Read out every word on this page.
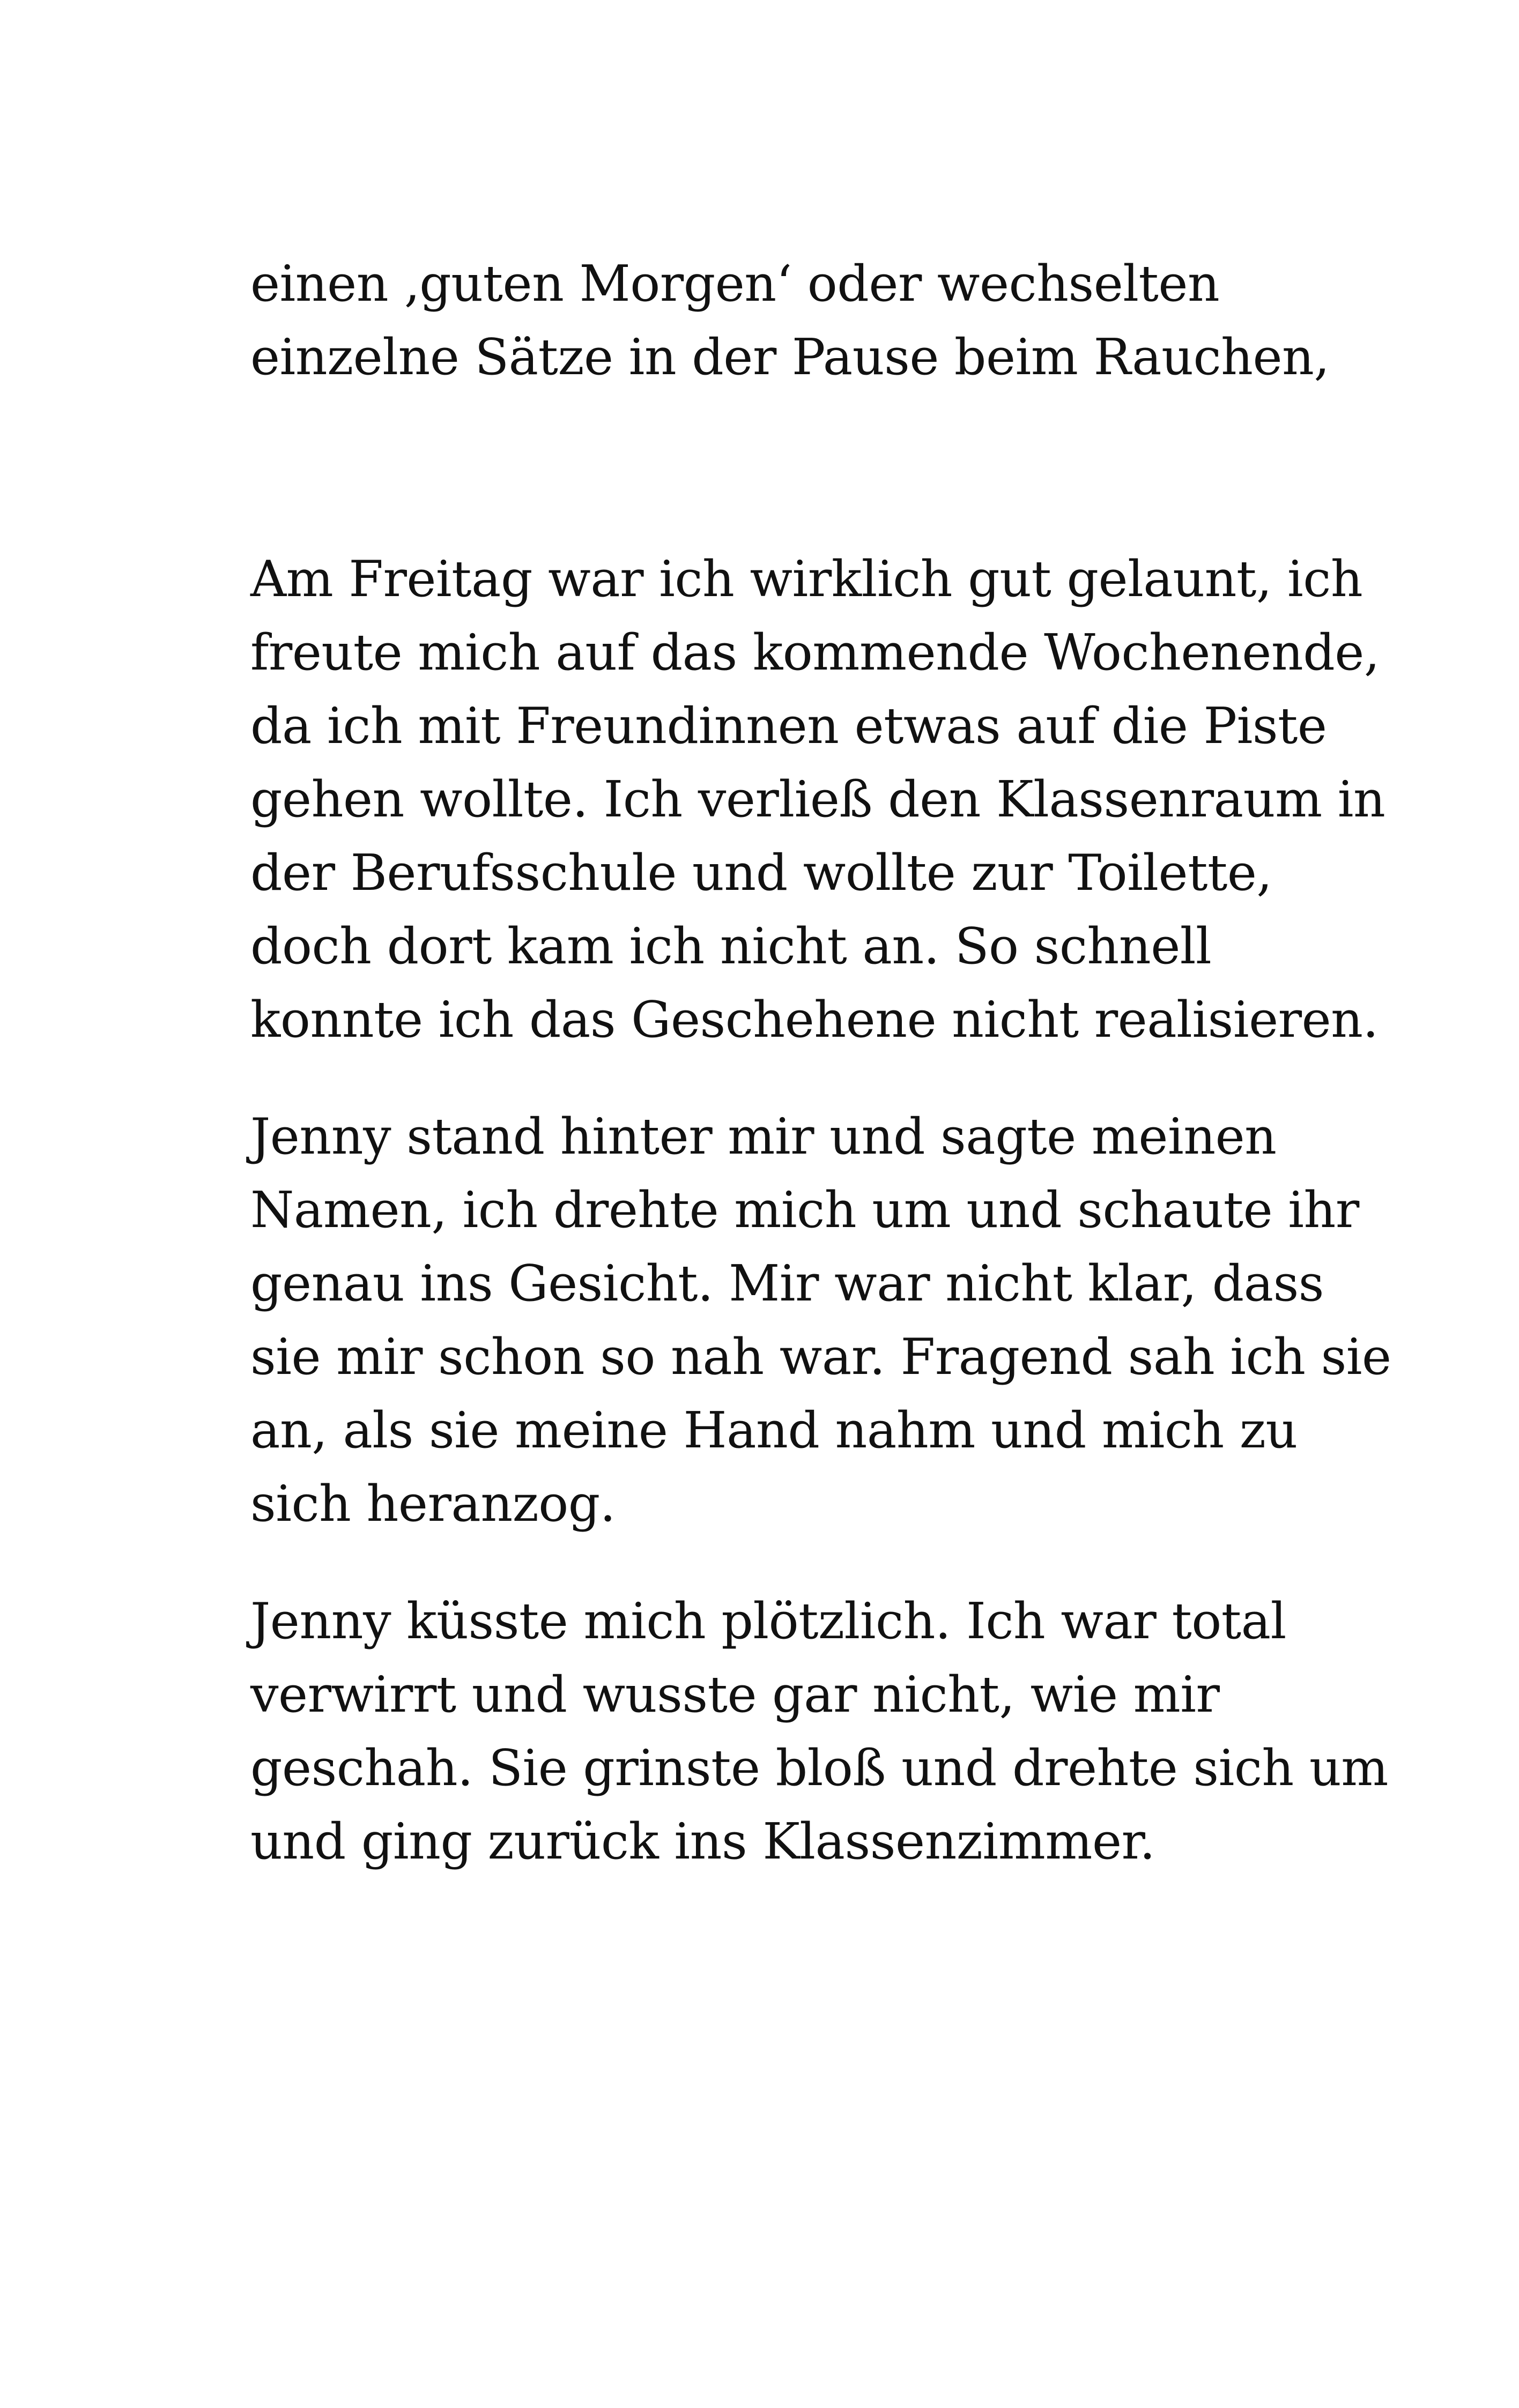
einen ‚guten Morgen‘ oder wechselten
einzelne Sätze in der Pause beim Rauchen,
Am Freitag war ich wirklich gut gelaunt, ich
freute mich auf das kommende Wochenende,
da ich mit Freundinnen etwas auf die Piste
gehen wollte. Ich verließ den Klassenraum in
der Berufsschule und wollte zur Toilette,
doch dort kam ich nicht an. So schnell
konnte ich das Geschehene nicht realisieren.
Jenny stand hinter mir und sagte meinen
Namen, ich drehte mich um und schaute ihr
genau ins Gesicht. Mir war nicht klar, dass
sie mir schon so nah war. Fragend sah ich sie
an, als sie meine Hand nahm und mich zu
sich heranzog.
Jenny küsste mich plötzlich. Ich war total
verwirrt und wusste gar nicht, wie mir
geschah. Sie grinste bloß und drehte sich um
und ging zurück ins Klassenzimmer.
